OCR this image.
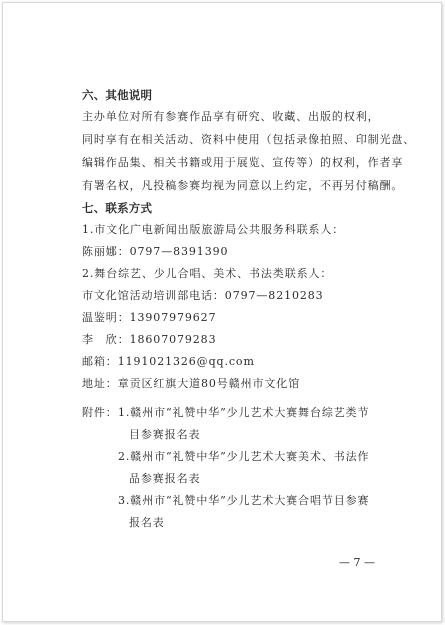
六、其他说明
主办单位对所有参赛作品享有研究、收藏、出版的权利，
同时享有在相关活动、资料中使用（包括录像拍照、印制光盘、
编辑作品集、相关书籍或用于展览、宣传等）的权利，作者享
有署名权，凡投稿参赛均视为同意以上约定，不再另付稿酬。
七、联系方式
1.市文化广电新闻出版旅游局公共服务科联系人：
陈丽娜：0797—8391390
2.舞台综艺、少儿合唱、美术、书法类联系人：
市文化馆活动培训部电话：0797—8210283
温鉴明：13907979627
李　欣：18607079283
邮箱：1191021326@qq.com
地址：章贡区红旗大道80号赣州市文化馆
附件： 1.赣州市“礼赞中华”少儿艺术大赛舞台综艺类节
目参赛报名表
2.赣州市“礼赞中华”少儿艺术大赛美术、书法作
品参赛报名表
3.赣州市“礼赞中华”少儿艺术大赛合唱节目参赛
报名表
— 7 —
